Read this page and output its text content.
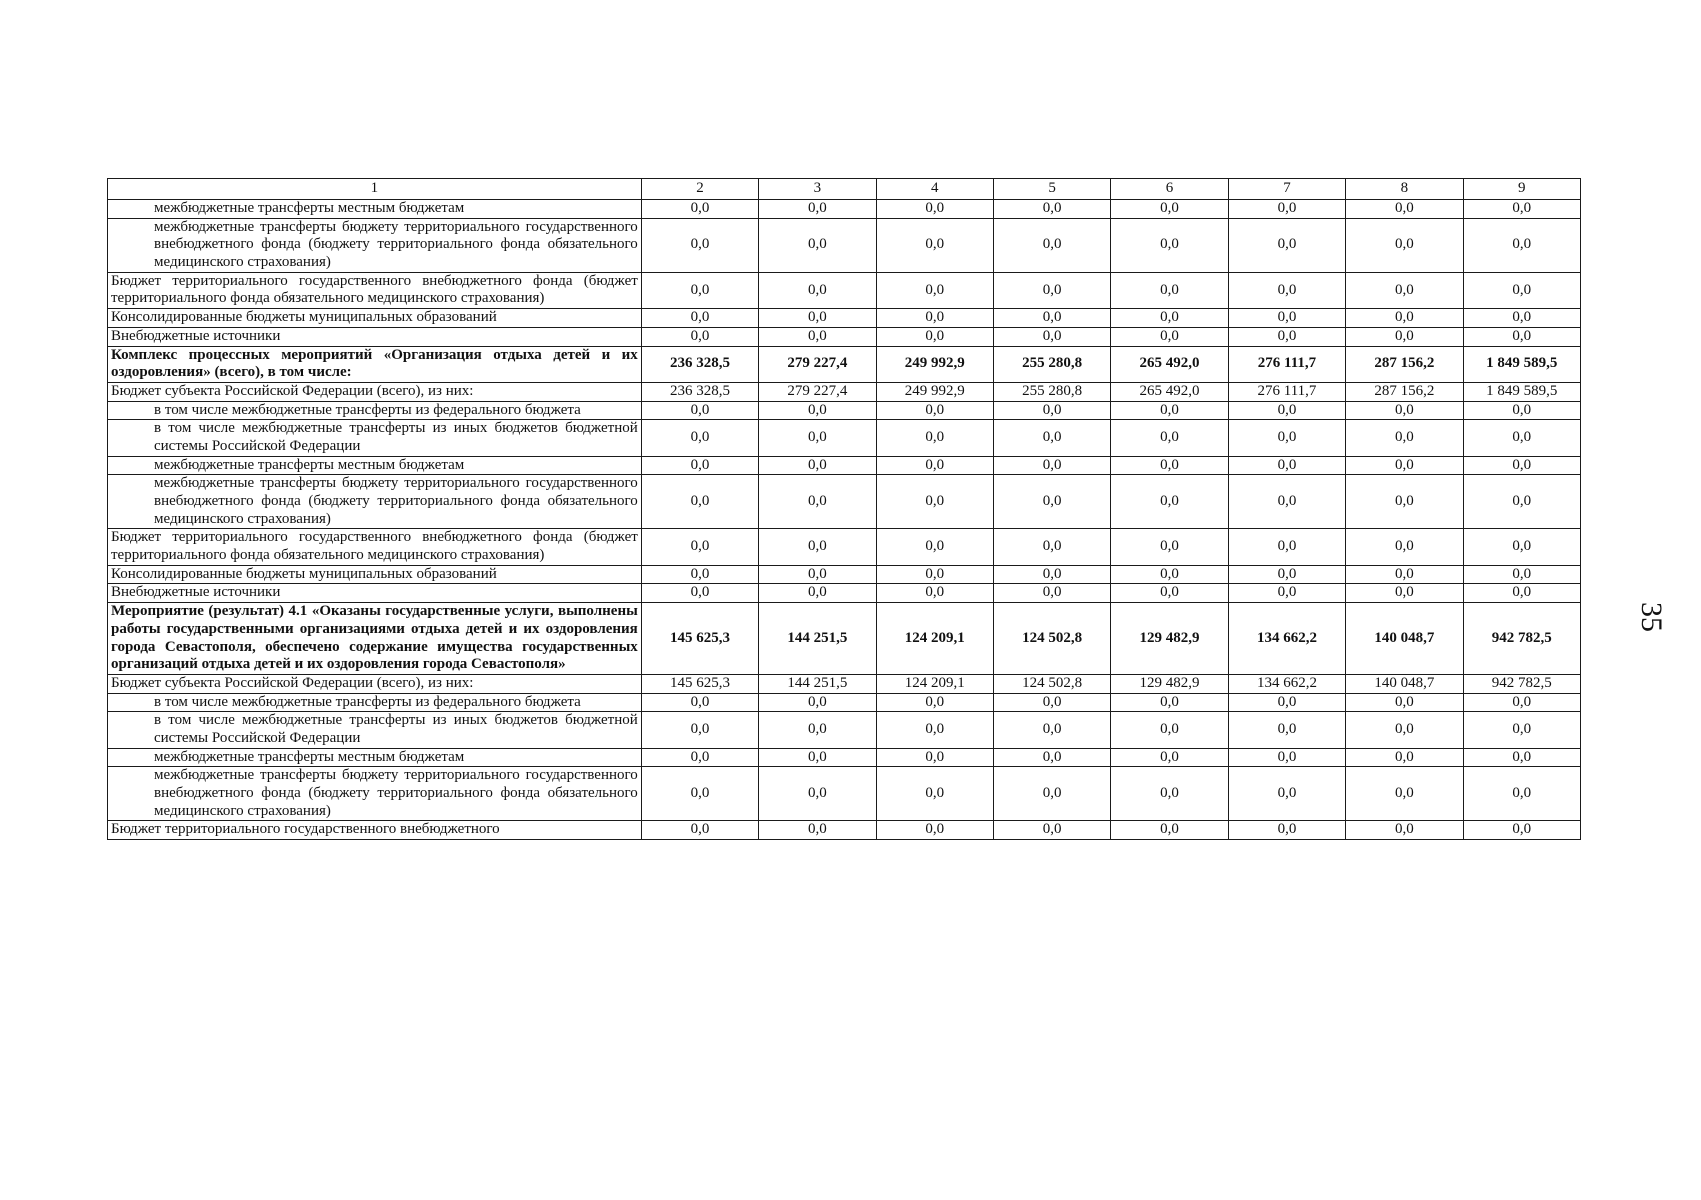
1	2	3	4	5	6	7	8	9
межбюджетные трансферты местным бюджетам	0,0	0,0	0,0	0,0	0,0	0,0	0,0	0,0
межбюджетные трансферты бюджету территориального государственного внебюджетного фонда (бюджету территориального фонда обязательного медицинского страхования)	0,0	0,0	0,0	0,0	0,0	0,0	0,0	0,0
Бюджет территориального государственного внебюджетного фонда (бюджет территориального фонда обязательного медицинского страхования)	0,0	0,0	0,0	0,0	0,0	0,0	0,0	0,0
Консолидированные бюджеты муниципальных образований	0,0	0,0	0,0	0,0	0,0	0,0	0,0	0,0
Внебюджетные источники	0,0	0,0	0,0	0,0	0,0	0,0	0,0	0,0
Комплекс процессных мероприятий «Организация отдыха детей и их оздоровления» (всего), в том числе:	236 328,5	279 227,4	249 992,9	255 280,8	265 492,0	276 111,7	287 156,2	1 849 589,5
Бюджет субъекта Российской Федерации (всего), из них:	236 328,5	279 227,4	249 992,9	255 280,8	265 492,0	276 111,7	287 156,2	1 849 589,5
в том числе межбюджетные трансферты из федерального бюджета	0,0	0,0	0,0	0,0	0,0	0,0	0,0	0,0
в том числе межбюджетные трансферты из иных бюджетов бюджетной системы Российской Федерации	0,0	0,0	0,0	0,0	0,0	0,0	0,0	0,0
межбюджетные трансферты местным бюджетам	0,0	0,0	0,0	0,0	0,0	0,0	0,0	0,0
межбюджетные трансферты бюджету территориального государственного внебюджетного фонда (бюджету территориального фонда обязательного медицинского страхования)	0,0	0,0	0,0	0,0	0,0	0,0	0,0	0,0
Бюджет территориального государственного внебюджетного фонда (бюджет территориального фонда обязательного медицинского страхования)	0,0	0,0	0,0	0,0	0,0	0,0	0,0	0,0
Консолидированные бюджеты муниципальных образований	0,0	0,0	0,0	0,0	0,0	0,0	0,0	0,0
Внебюджетные источники	0,0	0,0	0,0	0,0	0,0	0,0	0,0	0,0
Мероприятие (результат) 4.1 «Оказаны государственные услуги, выполнены работы государственными организациями отдыха детей и их оздоровления города Севастополя, обеспечено содержание имущества государственных организаций отдыха детей и их оздоровления города Севастополя»	145 625,3	144 251,5	124 209,1	124 502,8	129 482,9	134 662,2	140 048,7	942 782,5
Бюджет субъекта Российской Федерации (всего), из них:	145 625,3	144 251,5	124 209,1	124 502,8	129 482,9	134 662,2	140 048,7	942 782,5
в том числе межбюджетные трансферты из федерального бюджета	0,0	0,0	0,0	0,0	0,0	0,0	0,0	0,0
в том числе межбюджетные трансферты из иных бюджетов бюджетной системы Российской Федерации	0,0	0,0	0,0	0,0	0,0	0,0	0,0	0,0
межбюджетные трансферты местным бюджетам	0,0	0,0	0,0	0,0	0,0	0,0	0,0	0,0
межбюджетные трансферты бюджету территориального государственного внебюджетного фонда (бюджету территориального фонда обязательного медицинского страхования)	0,0	0,0	0,0	0,0	0,0	0,0	0,0	0,0
Бюджет территориального государственного внебюджетного	0,0	0,0	0,0	0,0	0,0	0,0	0,0	0,0
35
